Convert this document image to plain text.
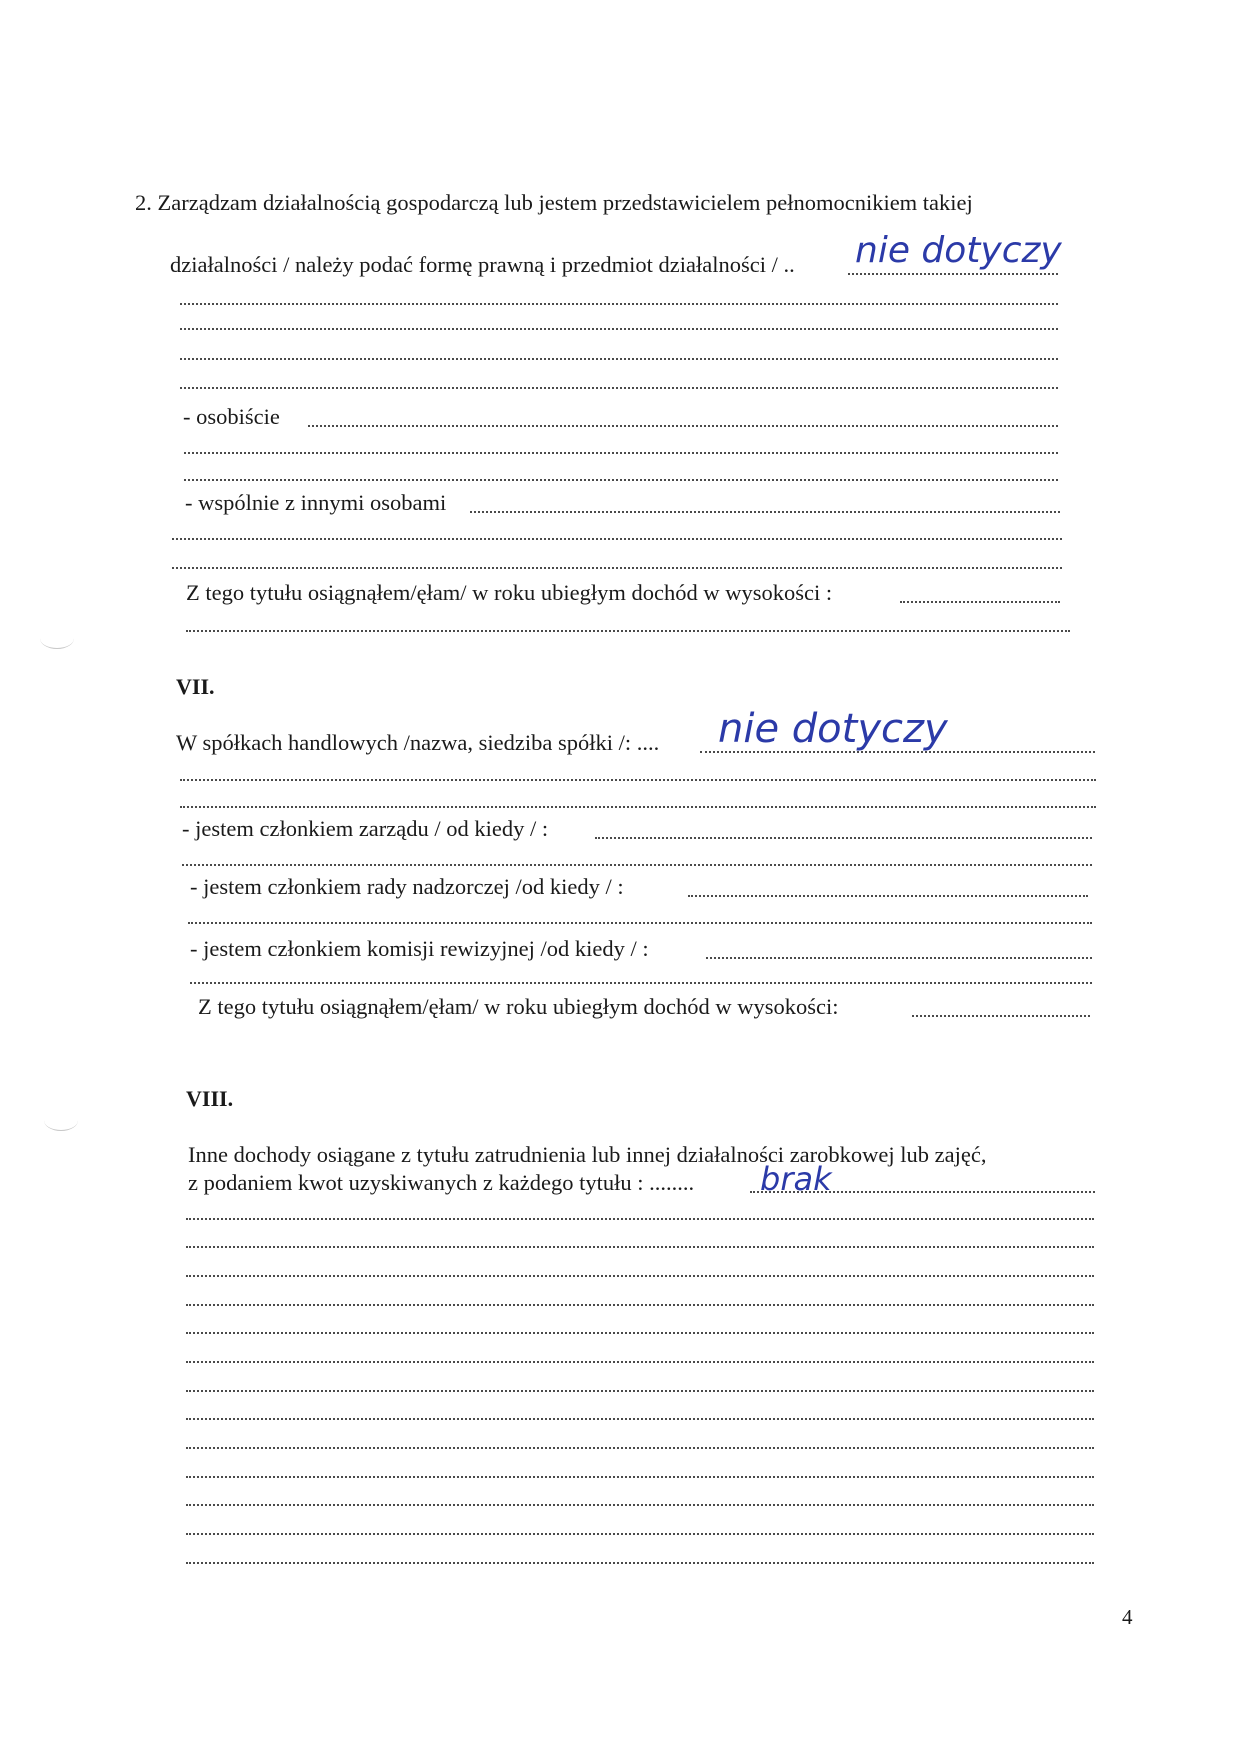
2. Zarządzam działalnością gospodarczą lub jestem przedstawicielem pełnomocnikiem takiej
działalności / należy podać formę prawną i przedmiot działalności / .. nie dotyczy
- osobiście
- wspólnie z innymi osobami
Z tego tytułu osiągnąłem/ęłam/ w roku ubiegłym dochód w wysokości :
VII.
W spółkach handlowych /nazwa, siedziba spółki /: .... nie dotyczy
- jestem członkiem zarządu / od kiedy / :
- jestem członkiem rady nadzorczej /od kiedy / :
- jestem członkiem komisji rewizyjnej /od kiedy / :
Z tego tytułu osiągnąłem/ęłam/ w roku ubiegłym dochód w wysokości:
VIII.
Inne dochody osiągane z tytułu zatrudnienia lub innej działalności zarobkowej lub zajęć,
z podaniem kwot uzyskiwanych z każdego tytułu : ........ brak
4
